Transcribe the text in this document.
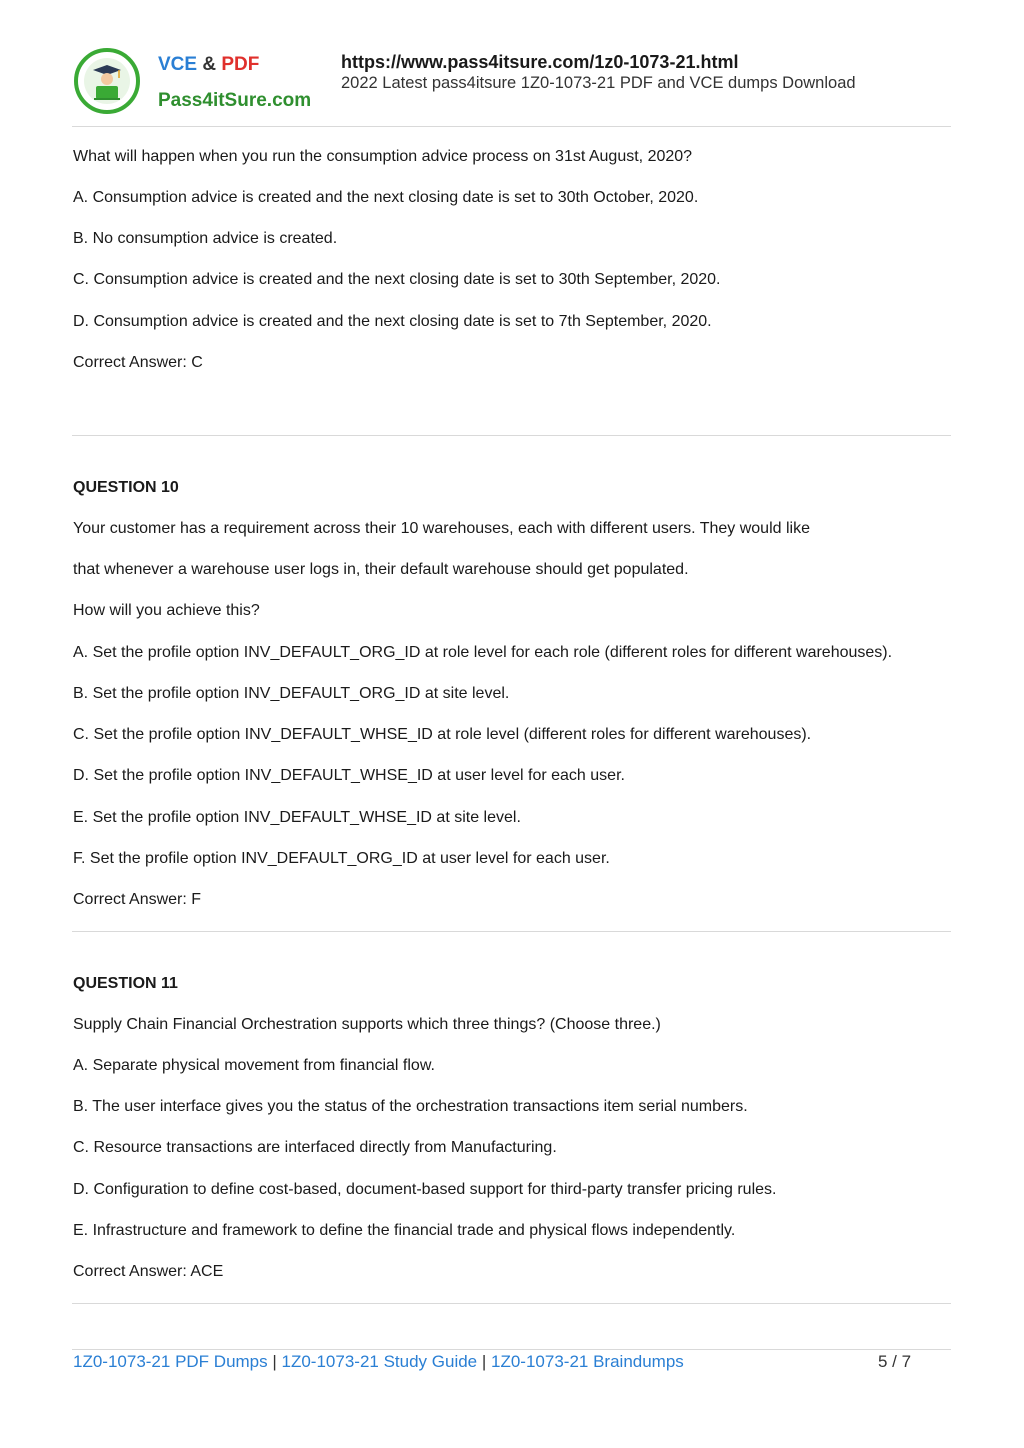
VCE & PDF
Pass4itSure.com
https://www.pass4itsure.com/1z0-1073-21.html
2022 Latest pass4itsure 1Z0-1073-21 PDF and VCE dumps Download
What will happen when you run the consumption advice process on 31st August, 2020?
A. Consumption advice is created and the next closing date is set to 30th October, 2020.
B. No consumption advice is created.
C. Consumption advice is created and the next closing date is set to 30th September, 2020.
D. Consumption advice is created and the next closing date is set to 7th September, 2020.
Correct Answer: C
QUESTION 10
Your customer has a requirement across their 10 warehouses, each with different users. They would like
that whenever a warehouse user logs in, their default warehouse should get populated.
How will you achieve this?
A. Set the profile option INV_DEFAULT_ORG_ID at role level for each role (different roles for different warehouses).
B. Set the profile option INV_DEFAULT_ORG_ID at site level.
C. Set the profile option INV_DEFAULT_WHSE_ID at role level (different roles for different warehouses).
D. Set the profile option INV_DEFAULT_WHSE_ID at user level for each user.
E. Set the profile option INV_DEFAULT_WHSE_ID at site level.
F. Set the profile option INV_DEFAULT_ORG_ID at user level for each user.
Correct Answer: F
QUESTION 11
Supply Chain Financial Orchestration supports which three things? (Choose three.)
A. Separate physical movement from financial flow.
B. The user interface gives you the status of the orchestration transactions item serial numbers.
C. Resource transactions are interfaced directly from Manufacturing.
D. Configuration to define cost-based, document-based support for third-party transfer pricing rules.
E. Infrastructure and framework to define the financial trade and physical flows independently.
Correct Answer: ACE
1Z0-1073-21 PDF Dumps | 1Z0-1073-21 Study Guide | 1Z0-1073-21 Braindumps	5 / 7
